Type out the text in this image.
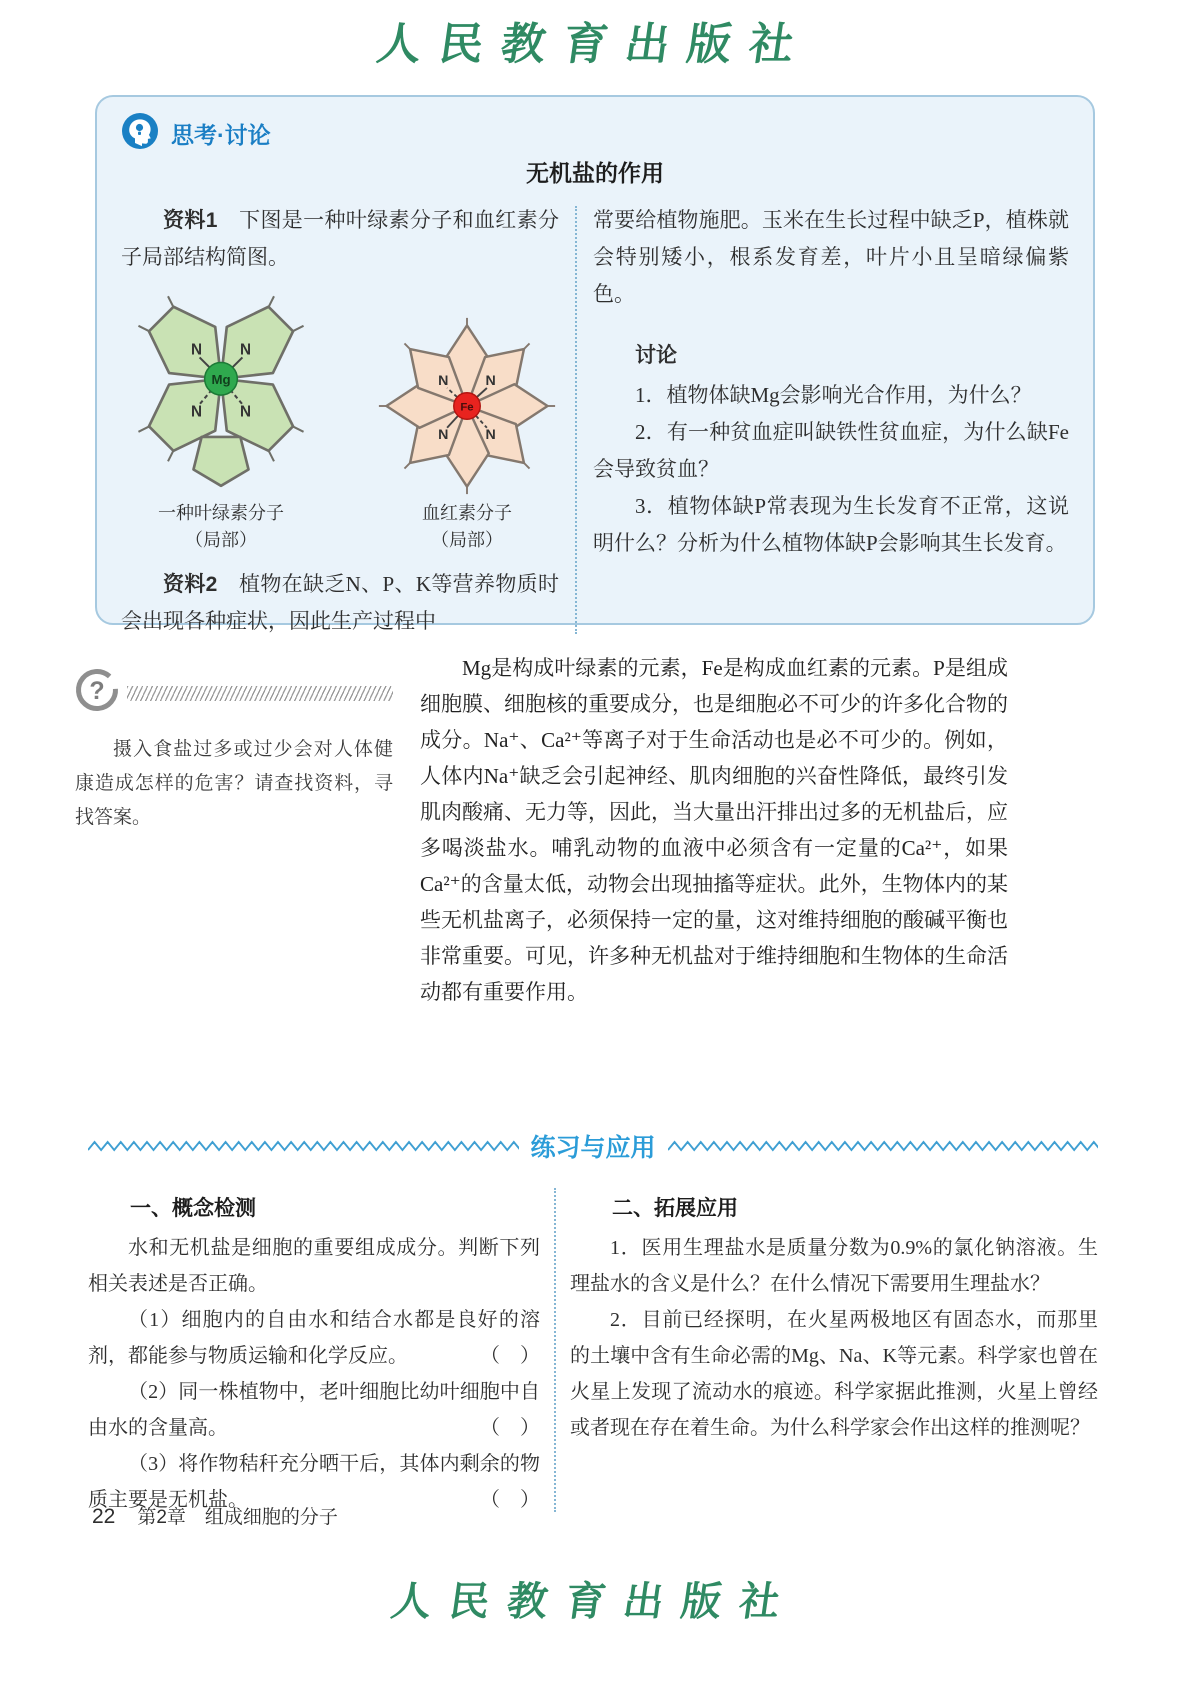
人民教育出版社
思考·讨论
无机盐的作用

资料1　 下图是一种叶绿素分子和血红素分子局部结构简图。

Mg
N	N
N	N
一种叶绿素分子
（局部）
Fe
N N
N N
血红素分子
（局部）

资料2　 植物在缺乏N、P、K等营养物质时会出现各种症状，因此生产过程中

常要给植物施肥。玉米在生长过程中缺乏P，植株就会特别矮小，根系发育差，叶片小且呈暗绿偏紫色。

讨论

1．植物体缺Mg会影响光合作用，为什么？

2．有一种贫血症叫缺铁性贫血症，为什么缺Fe会导致贫血？

3．植物体缺P常表现为生长发育不正常，这说明什么？分析为什么植物体缺P会影响其生长发育。

?

摄入食盐过多或过少会对人体健康造成怎样的危害？请查找资料，寻找答案。

Mg是构成叶绿素的元素，Fe是构成血红素的元素。P是组成细胞膜、细胞核的重要成分，也是细胞必不可少的许多化合物的成分。Na⁺、Ca²⁺等离子对于生命活动也是必不可少的。例如，人体内Na⁺缺乏会引起神经、肌肉细胞的兴奋性降低，最终引发肌肉酸痛、无力等，因此，当大量出汗排出过多的无机盐后，应多喝淡盐水。哺乳动物的血液中必须含有一定量的Ca²⁺，如果Ca²⁺的含量太低，动物会出现抽搐等症状。此外，生物体内的某些无机盐离子，必须保持一定的量，这对维持细胞的酸碱平衡也非常重要。可见，许多种无机盐对于维持细胞和生物体的生命活动都有重要作用。

练习与应用
一、概念检测

水和无机盐是细胞的重要组成成分。判断下列相关表述是否正确。

（1）细胞内的自由水和结合水都是良好的溶剂，都能参与物质运输和化学反应。	（　）

（2）同一株植物中，老叶细胞比幼叶细胞中自由水的含量高。	（　）

（3）将作物秸秆充分晒干后，其体内剩余的物质主要是无机盐。	（　）

二、拓展应用

1．医用生理盐水是质量分数为0.9%的氯化钠溶液。生理盐水的含义是什么？在什么情况下需要用生理盐水？

2．目前已经探明，在火星两极地区有固态水，而那里的土壤中含有生命必需的Mg、Na、K等元素。科学家也曾在火星上发现了流动水的痕迹。科学家据此推测，火星上曾经或者现在存在着生命。为什么科学家会作出这样的推测呢？

22 第2章　组成细胞的分子
人民教育出版社
